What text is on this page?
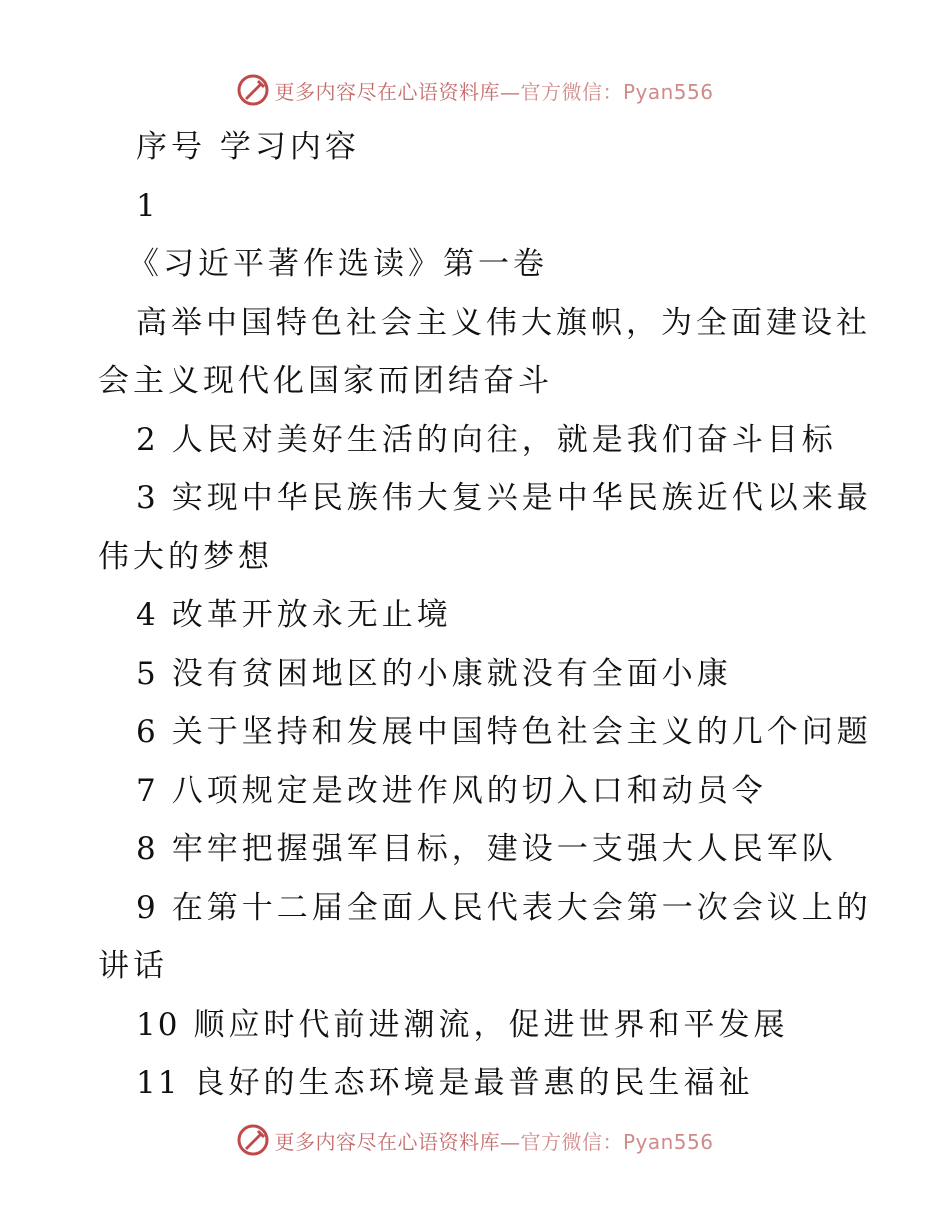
更多内容尽在心语资料库—官方微信：Pyan556
序号 学习内容
1
《习近平著作选读》第一卷
高举中国特色社会主义伟大旗帜，为全面建设社
会主义现代化国家而团结奋斗
2 人民对美好生活的向往，就是我们奋斗目标
3 实现中华民族伟大复兴是中华民族近代以来最
伟大的梦想
4 改革开放永无止境
5 没有贫困地区的小康就没有全面小康
6 关于坚持和发展中国特色社会主义的几个问题
7 八项规定是改进作风的切入口和动员令
8 牢牢把握强军目标，建设一支强大人民军队
9 在第十二届全面人民代表大会第一次会议上的
讲话
10 顺应时代前进潮流，促进世界和平发展
11 良好的生态环境是最普惠的民生福祉
更多内容尽在心语资料库—官方微信：Pyan556
